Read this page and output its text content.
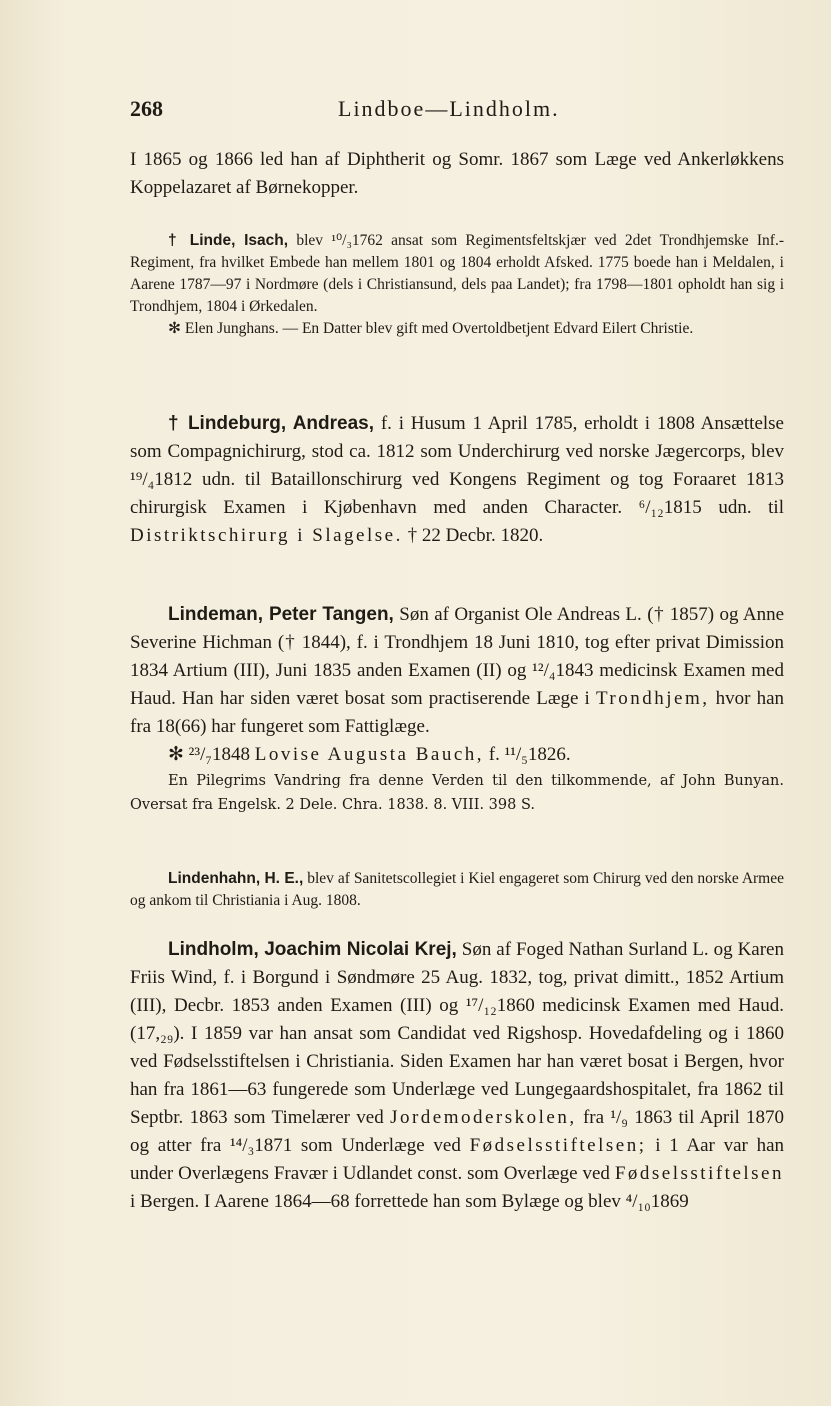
268	Lindboe—Lindholm.

I 1865 og 1866 led han af Diphtherit og Somr. 1867 som Læge ved Ankerløkkens Koppelazaret af Børnekopper.

† Linde, Isach, blev ¹⁰/₃1762 ansat som Regimentsfeltskjær ved 2det Trondhjemske Inf.-Regiment, fra hvilket Embede han mellem 1801 og 1804 erholdt Afsked. 1775 boede han i Meldalen, i Aarene 1787—97 i Nordmøre (dels i Christiansund, dels paa Landet); fra 1798—1801 opholdt han sig i Trondhjem, 1804 i Ørkedalen.

✻ Elen Junghans. — En Datter blev gift med Overtoldbetjent Edvard Eilert Christie.

† Lindeburg, Andreas, f. i Husum 1 April 1785, erholdt i 1808 Ansættelse som Compagnichirurg, stod ca. 1812 som Underchirurg ved norske Jægercorps, blev ¹⁹/₄1812 udn. til Bataillonschirurg ved Kongens Regiment og tog Foraaret 1813 chirurgisk Examen i Kjøbenhavn med anden Character. ⁶/₁₂1815 udn. til Distriktschirurg i Slagelse. † 22 Decbr. 1820.

Lindeman, Peter Tangen, Søn af Organist Ole Andreas L. († 1857) og Anne Severine Hichman († 1844), f. i Trondhjem 18 Juni 1810, tog efter privat Dimission 1834 Artium (III), Juni 1835 anden Examen (II) og ¹²/₄1843 medicinsk Examen med Haud. Han har siden været bosat som practiserende Læge i Trondhjem, hvor han fra 18(66) har fungeret som Fattiglæge.

✻ ²³/₇1848 Lovise Augusta Bauch, f. ¹¹/₅1826.

En Pilegrims Vandring fra denne Verden til den tilkommende, af John Bunyan. Oversat fra Engelsk. 2 Dele. Chra. 1838. 8. VIII. 398 S.

Lindenhahn, H. E., blev af Sanitetscollegiet i Kiel engageret som Chirurg ved den norske Armee og ankom til Christiania i Aug. 1808.

Lindholm, Joachim Nicolai Krej, Søn af Foged Nathan Surland L. og Karen Friis Wind, f. i Borgund i Søndmøre 25 Aug. 1832, tog, privat dimitt., 1852 Artium (III), Decbr. 1853 anden Examen (III) og ¹⁷/₁₂1860 medicinsk Examen med Haud. (17,₂₉). I 1859 var han ansat som Candidat ved Rigshosp. Hovedafdeling og i 1860 ved Fødselsstiftelsen i Christiania. Siden Examen har han været bosat i Bergen, hvor han fra 1861—63 fungerede som Underlæge ved Lungegaardshospitalet, fra 1862 til Septbr. 1863 som Timelærer ved Jordemoderskolen, fra ¹/₉ 1863 til April 1870 og atter fra ¹⁴/₃1871 som Underlæge ved Fødselsstiftelsen; i 1 Aar var han under Overlægens Fravær i Udlandet const. som Overlæge ved Fødselsstiftelsen i Bergen. I Aarene 1864—68 forrettede han som Bylæge og blev ⁴/₁₀1869
